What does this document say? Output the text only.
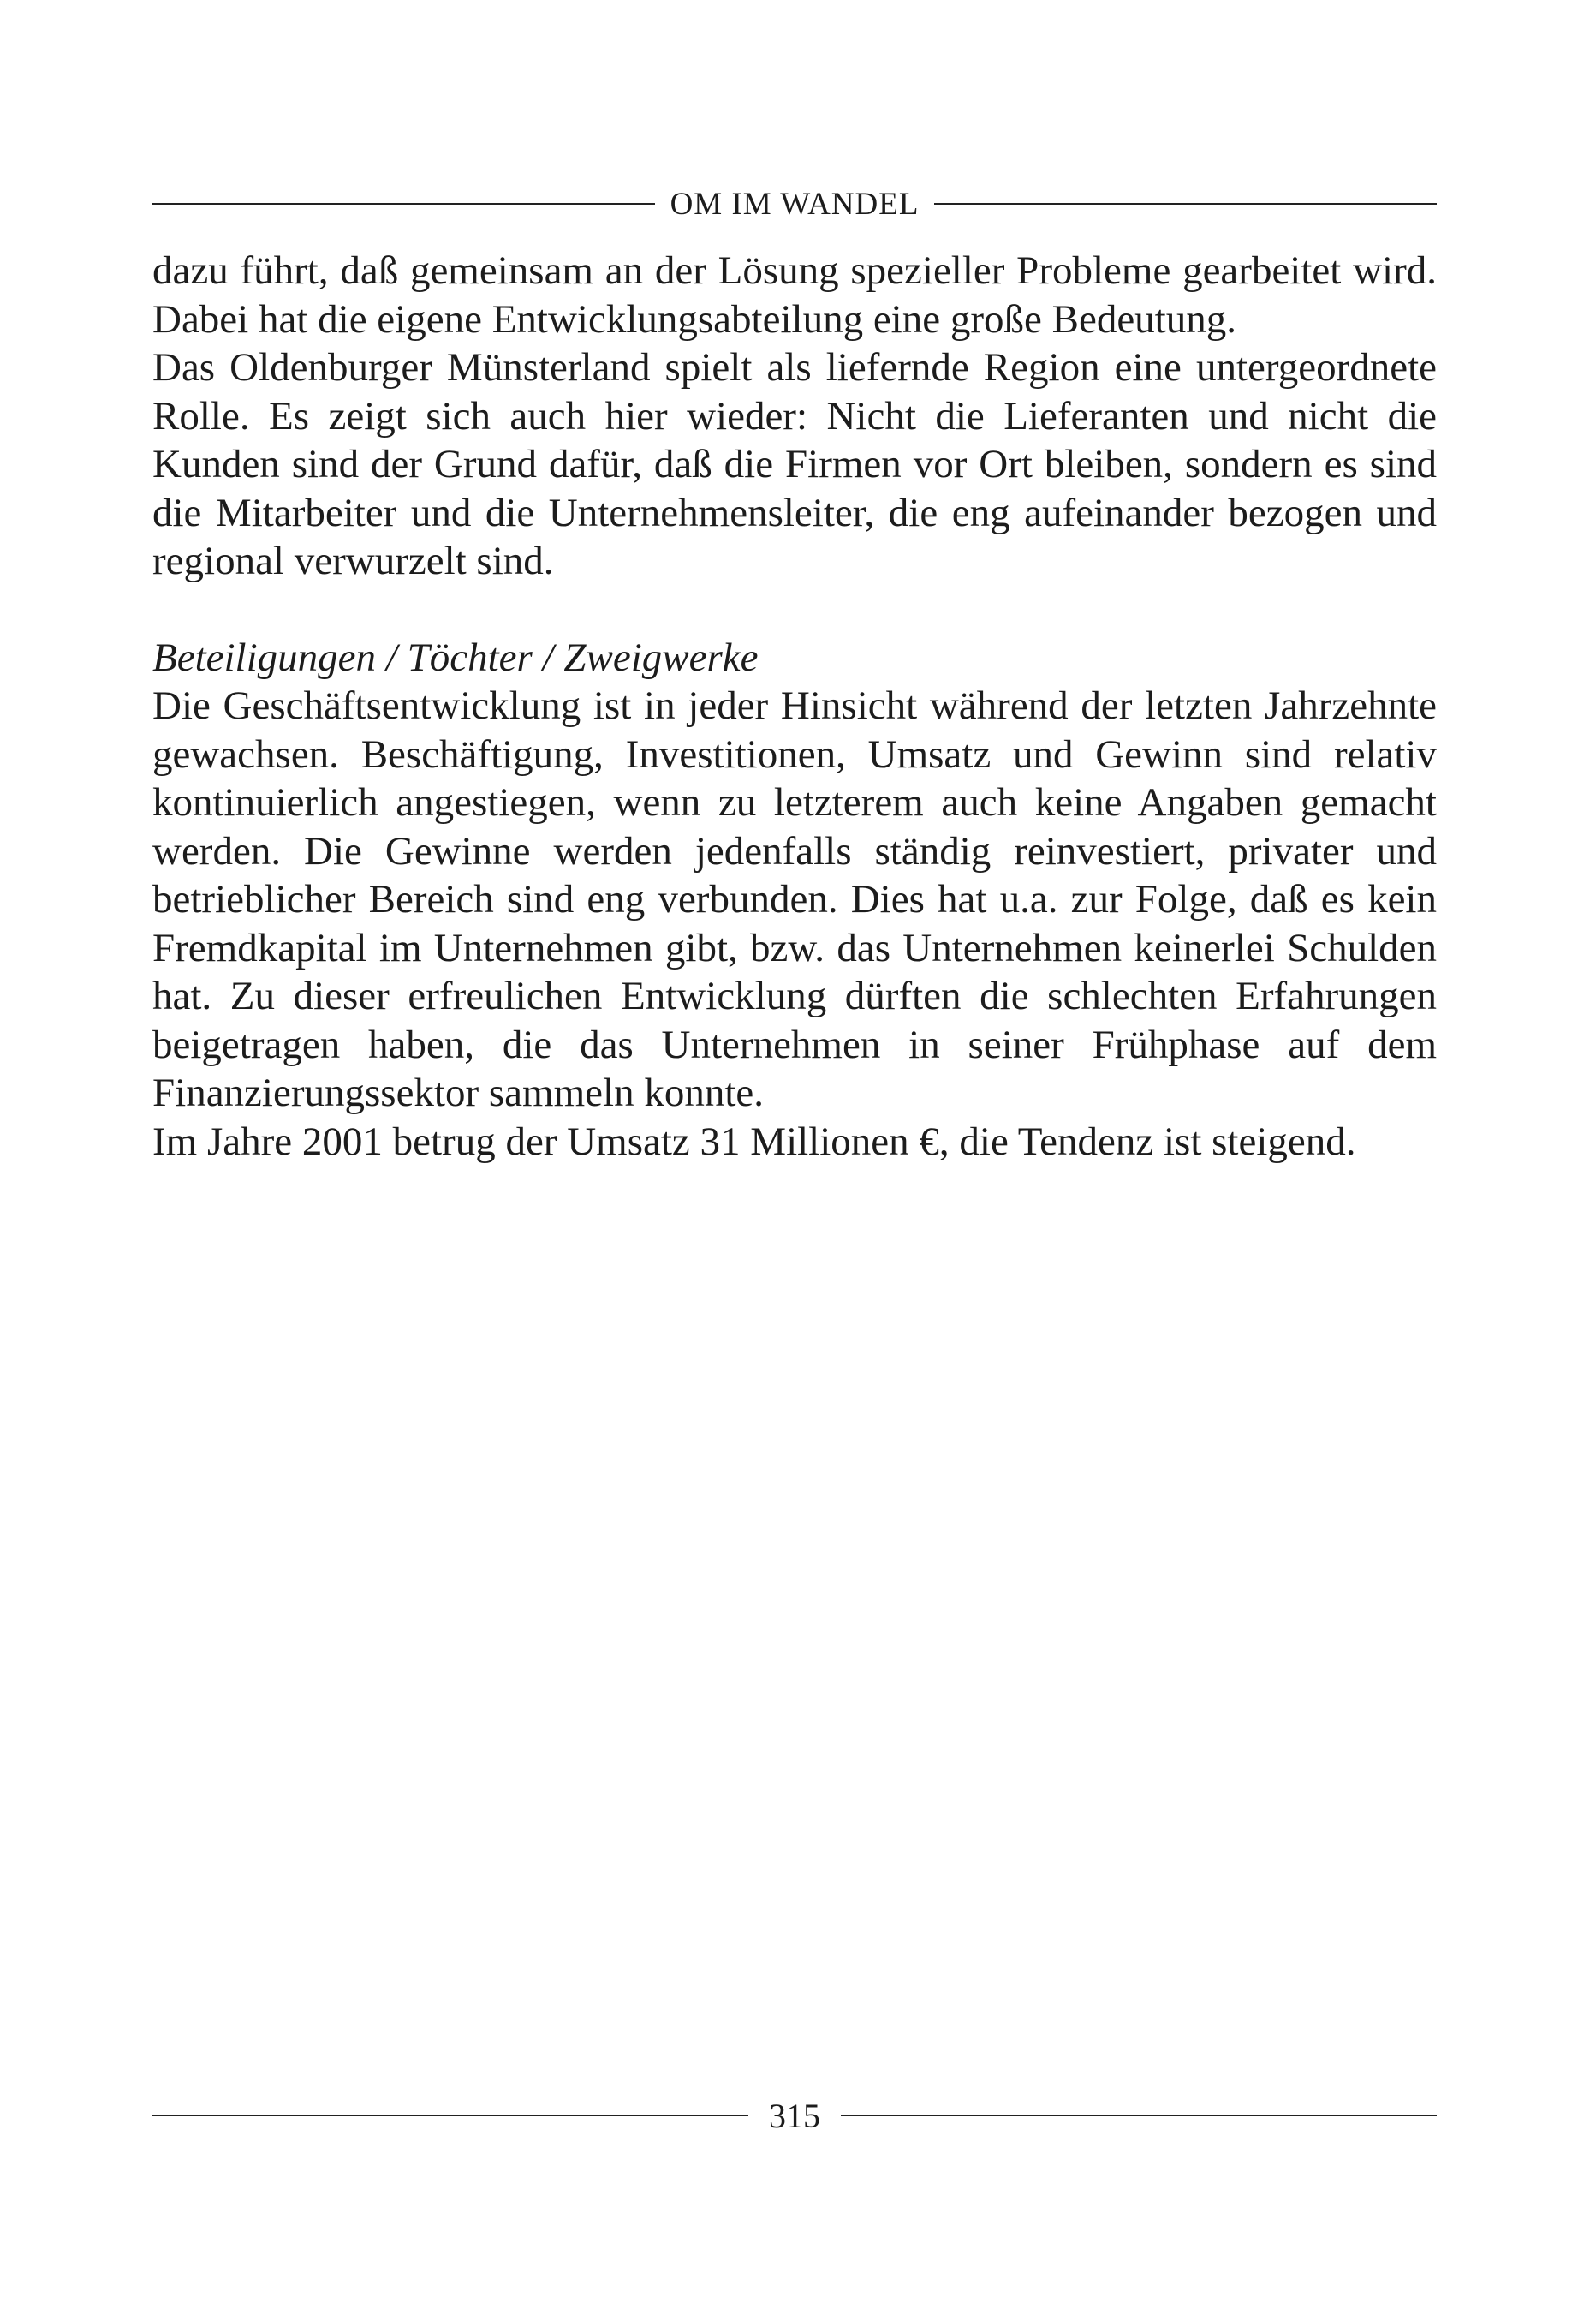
OM IM WANDEL

dazu führt, daß gemeinsam an der Lösung spezieller Probleme gearbeitet wird. Dabei hat die eigene Entwicklungsabteilung eine große Bedeutung.

Das Oldenburger Münsterland spielt als liefernde Region eine untergeordnete Rolle. Es zeigt sich auch hier wieder: Nicht die Lieferanten und nicht die Kunden sind der Grund dafür, daß die Firmen vor Ort bleiben, sondern es sind die Mitarbeiter und die Unternehmensleiter, die eng aufeinander bezogen und regional verwurzelt sind.

Beteiligungen / Töchter / Zweigwerke

Die Geschäftsentwicklung ist in jeder Hinsicht während der letzten Jahrzehnte gewachsen. Beschäftigung, Investitionen, Umsatz und Gewinn sind relativ kontinuierlich angestiegen, wenn zu letzterem auch keine Angaben gemacht werden. Die Gewinne werden jedenfalls ständig reinvestiert, privater und betrieblicher Bereich sind eng verbunden. Dies hat u.a. zur Folge, daß es kein Fremdkapital im Unternehmen gibt, bzw. das Unternehmen keinerlei Schulden hat. Zu dieser erfreulichen Entwicklung dürften die schlechten Erfahrungen beigetragen haben, die das Unternehmen in seiner Frühphase auf dem Finanzierungssektor sammeln konnte.

Im Jahre 2001 betrug der Umsatz 31 Millionen €, die Tendenz ist steigend.

315
